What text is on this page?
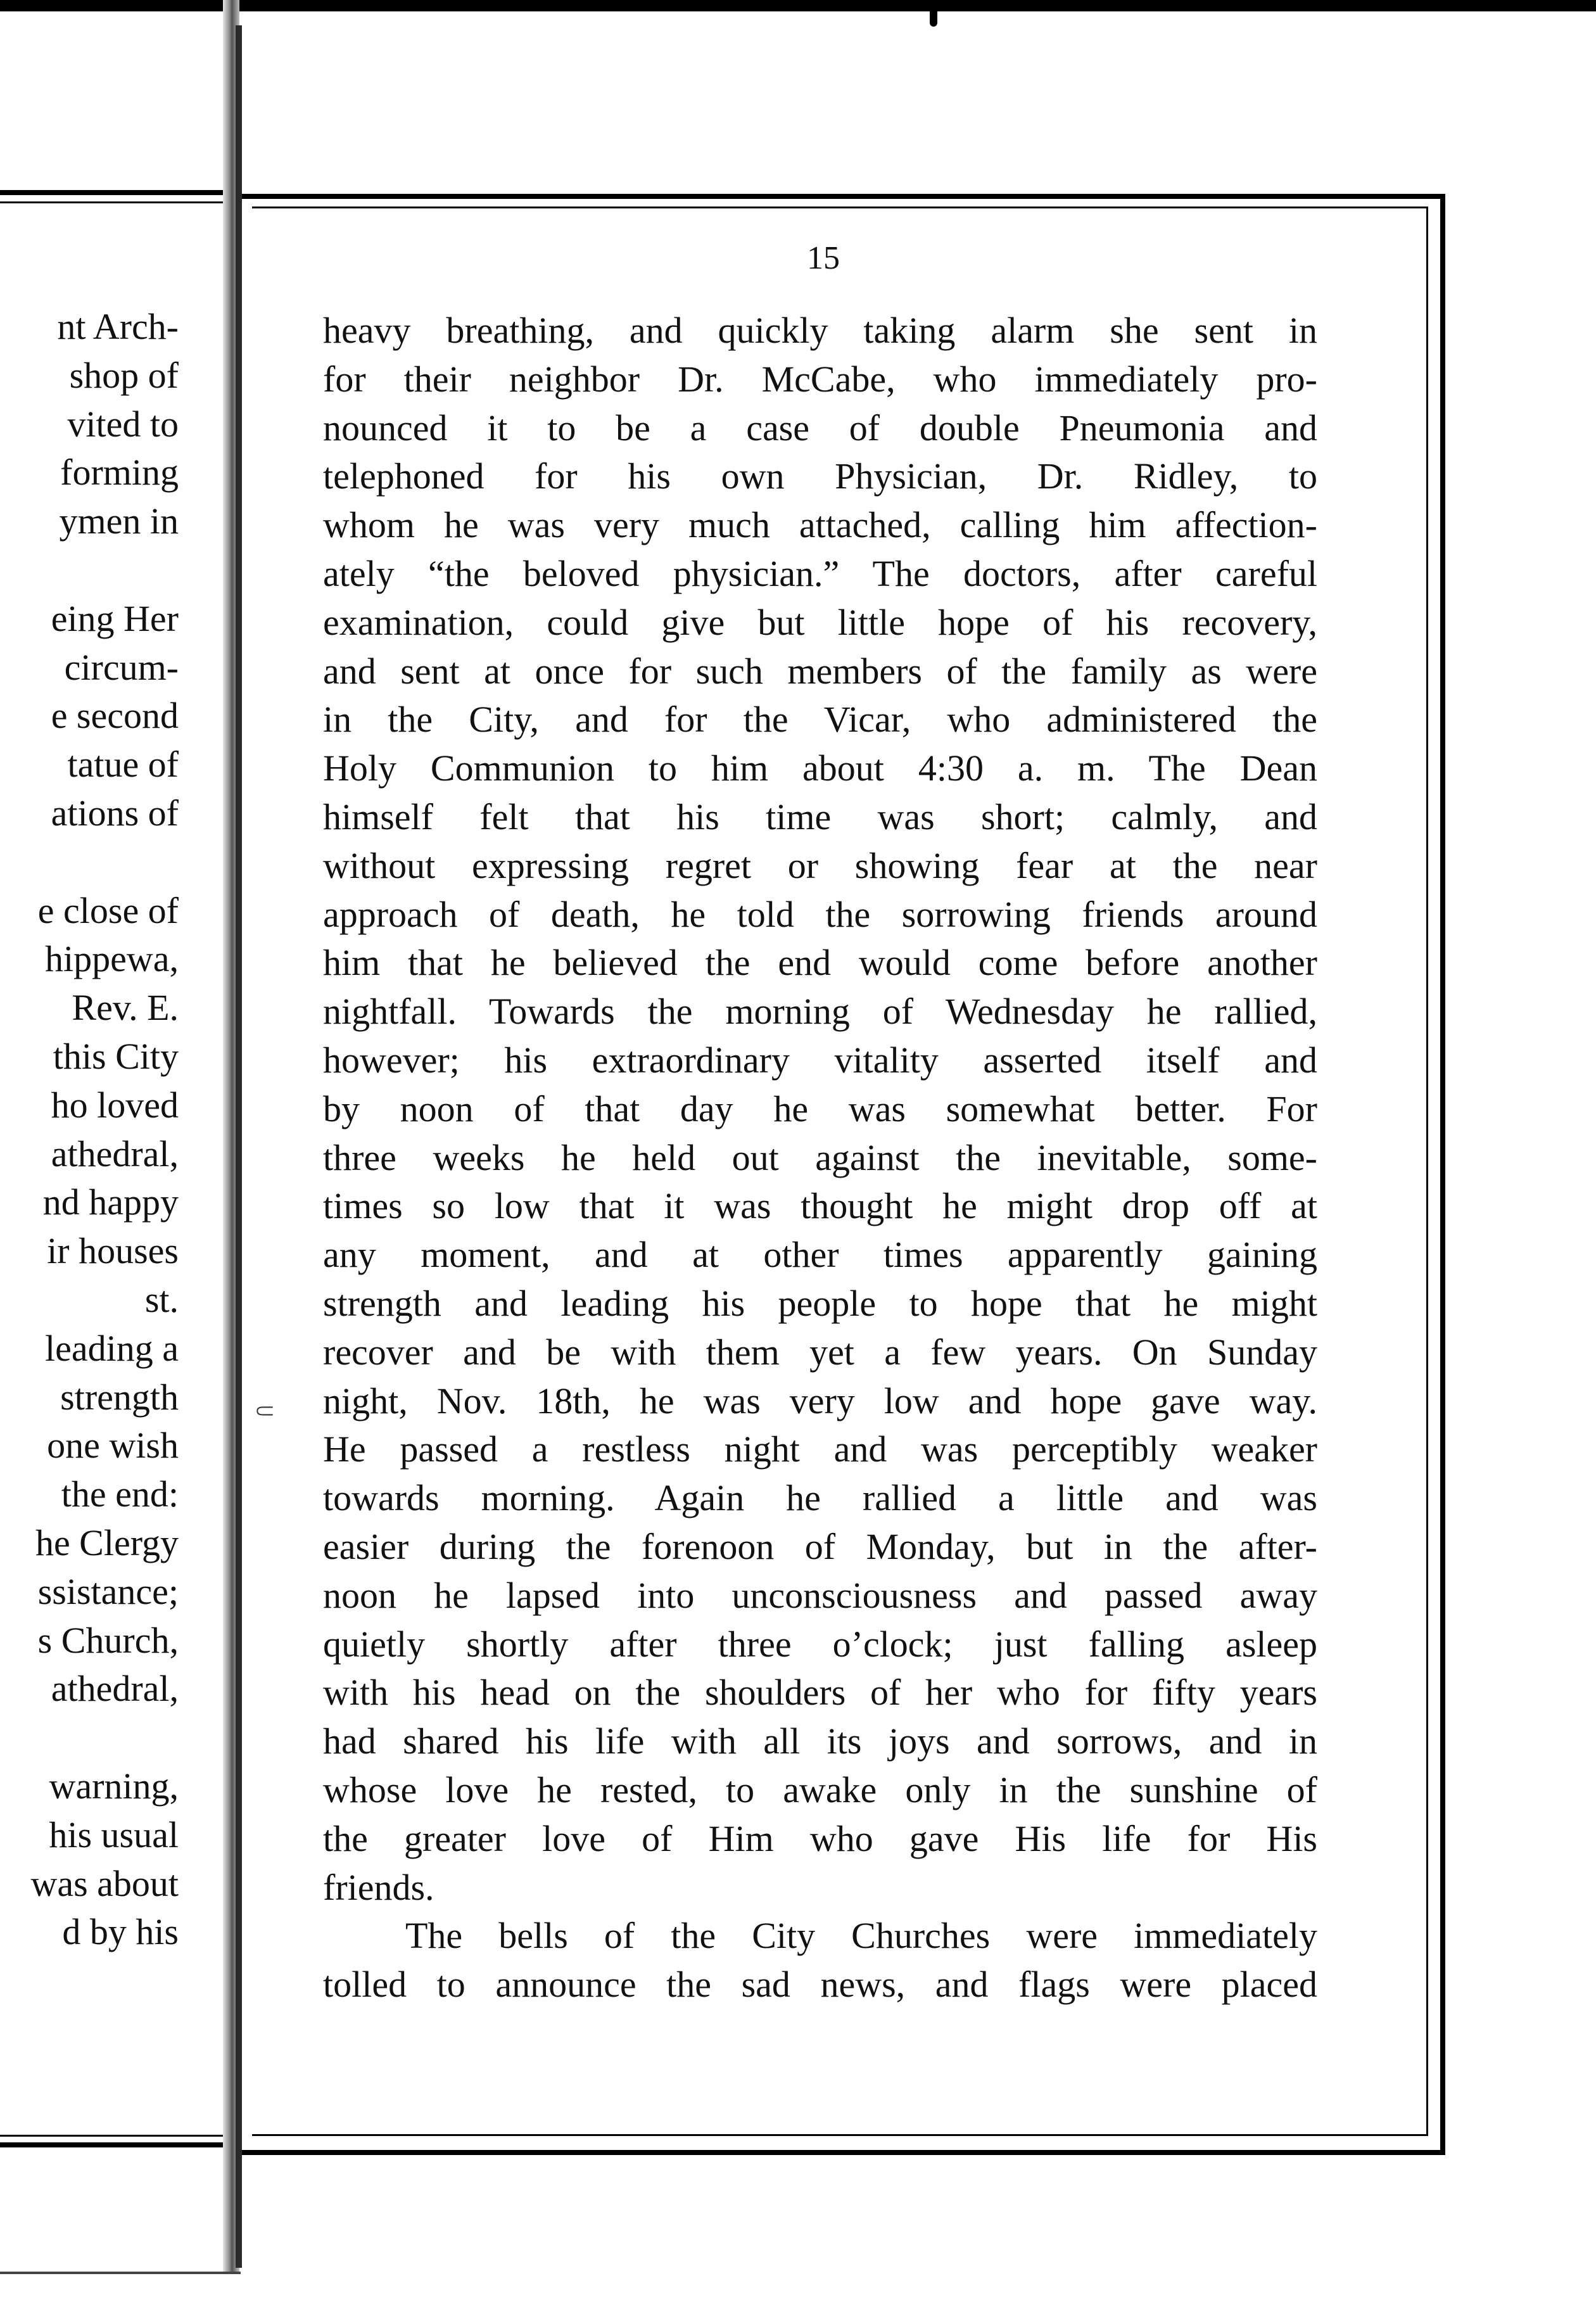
nt Arch-
shop of
vited to
forming
ymen in
eing Her
circum-
e second
tatue of
ations of
e close of
hippewa,
Rev. E.
this City
ho loved
athedral,
nd happy
ir houses
st.
leading a
strength
one wish
the end:
he Clergy
ssistance;
s Church,
athedral,
warning,
his usual
was about
d by his
15
heavy breathing, and quickly taking alarm she sent in
for their neighbor Dr. McCabe, who immediately pro-
nounced it to be a case of double Pneumonia and
telephoned for his own Physician, Dr. Ridley, to
whom he was very much attached, calling him affection-
ately “the beloved physician.” The doctors, after careful
examination, could give but little hope of his recovery,
and sent at once for such members of the family as were
in the City, and for the Vicar, who administered the
Holy Communion to him about 4:30 a. m. The Dean
himself felt that his time was short; calmly, and
without expressing regret or showing fear at the near
approach of death, he told the sorrowing friends around
him that he believed the end would come before another
nightfall. Towards the morning of Wednesday he rallied,
however; his extraordinary vitality asserted itself and
by noon of that day he was somewhat better. For
three weeks he held out against the inevitable, some-
times so low that it was thought he might drop off at
any moment, and at other times apparently gaining
strength and leading his people to hope that he might
recover and be with them yet a few years. On Sunday
night, Nov. 18th, he was very low and hope gave way.
He passed a restless night and was perceptibly weaker
towards morning. Again he rallied a little and was
easier during the forenoon of Monday, but in the after-
noon he lapsed into unconsciousness and passed away
quietly shortly after three o’clock; just falling asleep
with his head on the shoulders of her who for fifty years
had shared his life with all its joys and sorrows, and in
whose love he rested, to awake only in the sunshine of
the greater love of Him who gave His life for His
friends.
The bells of the City Churches were immediately
tolled to announce the sad news, and flags were placed
⸦
